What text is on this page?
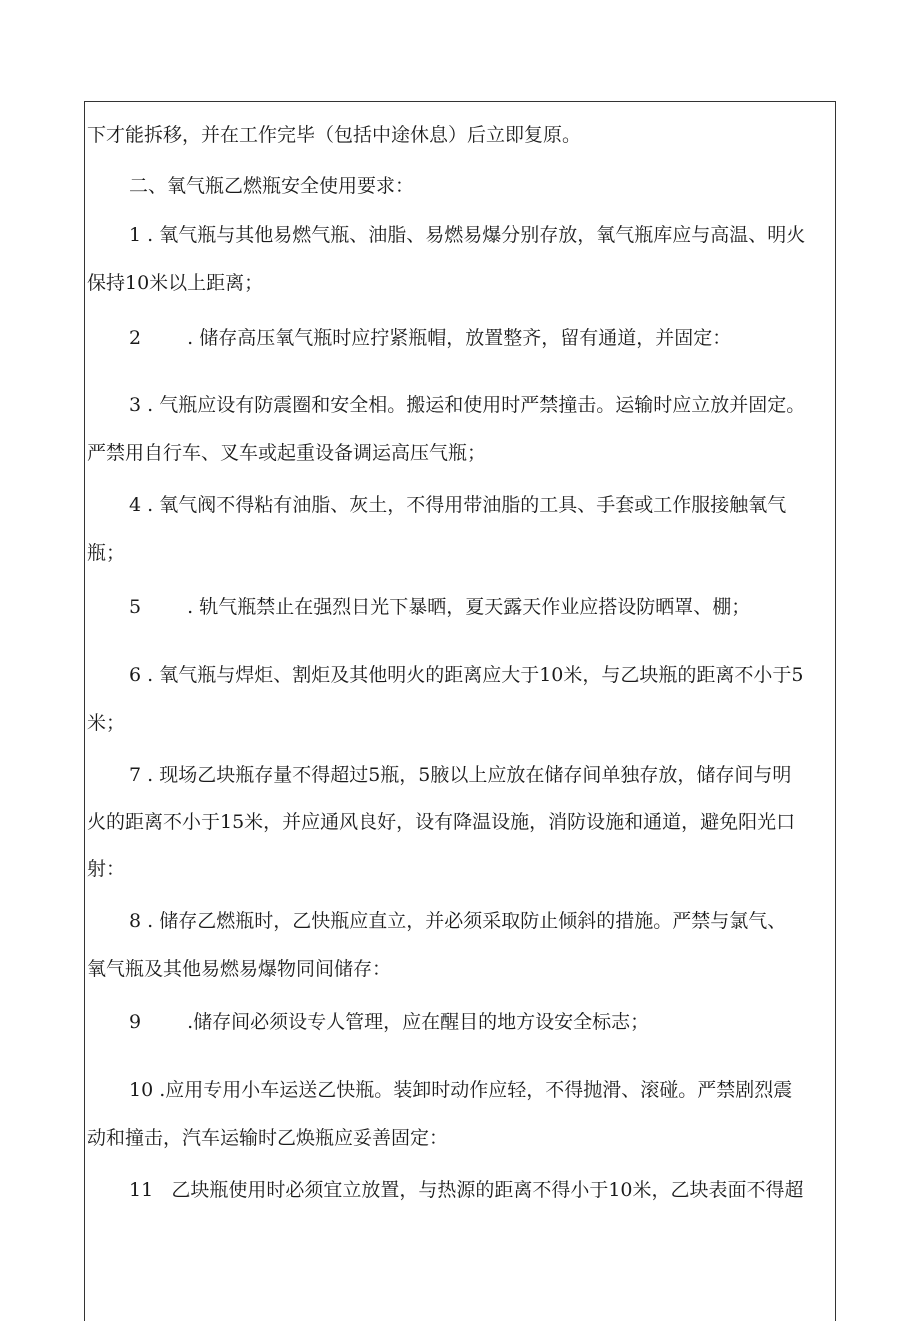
下才能拆移，并在工作完毕（包括中途休息）后立即复原。
二、氧气瓶乙燃瓶安全使用要求：
1 . 氧气瓶与其他易燃气瓶、油脂、易燃易爆分别存放，氧气瓶库应与高温、明火
保持10米以上距离；
2 . 储存高压氧气瓶时应拧紧瓶帽，放置整齐，留有通道，并固定：
3 . 气瓶应设有防震圈和安全相。搬运和使用时严禁撞击。运输时应立放并固定。
严禁用自行车、叉车或起重设备调运高压气瓶；
4 . 氧气阀不得粘有油脂、灰土，不得用带油脂的工具、手套或工作服接触氧气
瓶；
5 . 轨气瓶禁止在强烈日光下暴晒，夏天露天作业应搭设防晒罩、棚；
6 . 氧气瓶与焊炬、割炬及其他明火的距离应大于10米，与乙块瓶的距离不小于5
米；
7 . 现场乙块瓶存量不得超过5瓶，5腋以上应放在储存间单独存放，储存间与明
火的距离不小于15米，并应通风良好，设有降温设施，消防设施和通道，避免阳光口
射：
8 . 储存乙燃瓶时，乙快瓶应直立，并必须采取防止倾斜的措施。严禁与氯气、
氧气瓶及其他易燃易爆物同间储存：
9 .储存间必须设专人管理，应在醒目的地方设安全标志；
10 .应用专用小车运送乙快瓶。装卸时动作应轻，不得抛滑、滚碰。严禁剧烈震
动和撞击，汽车运输时乙焕瓶应妥善固定：
11 乙块瓶使用时必须宜立放置，与热源的距离不得小于10米，乙块表面不得超
